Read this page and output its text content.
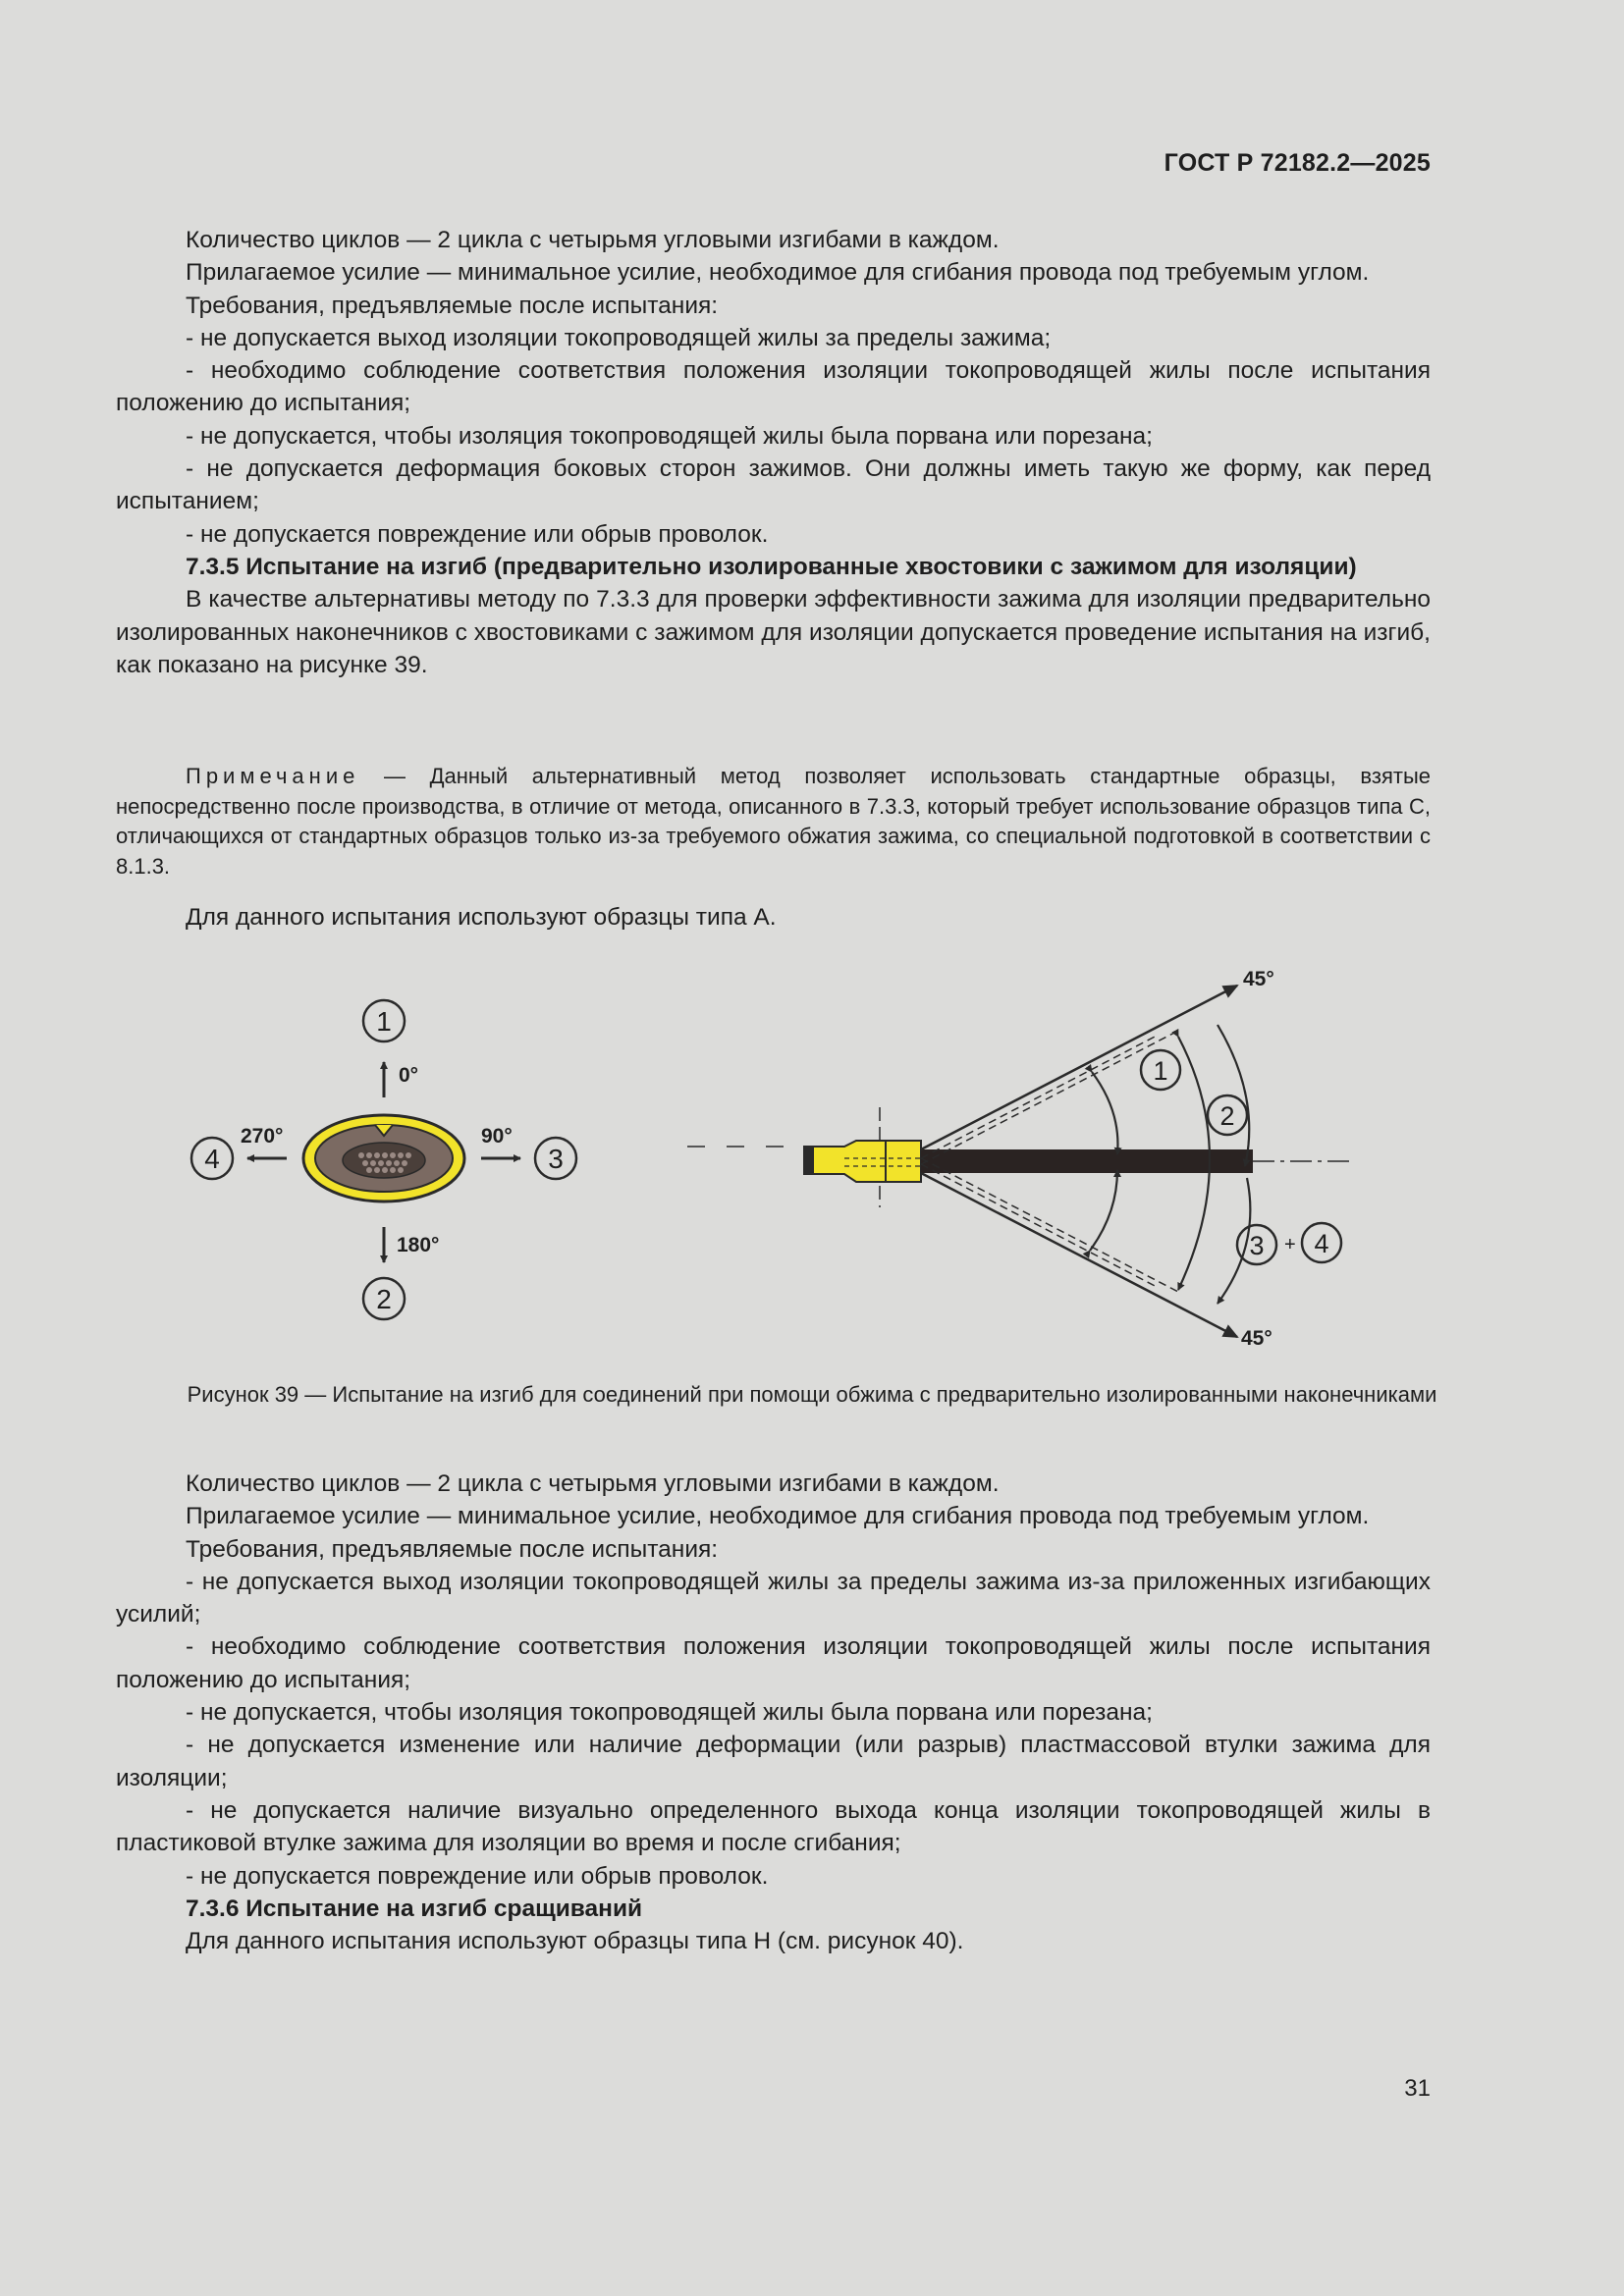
ГОСТ Р 72182.2—2025

Количество циклов — 2 цикла с четырьмя угловыми изгибами в каждом.

Прилагаемое усилие — минимальное усилие, необходимое для сгибания провода под требуемым углом.

Требования, предъявляемые после испытания:

- не допускается выход изоляции токопроводящей жилы за пределы зажима;

- необходимо соблюдение соответствия положения изоляции токопроводящей жилы после испытания положению до испытания;

- не допускается, чтобы изоляция токопроводящей жилы была порвана или порезана;

- не допускается деформация боковых сторон зажимов. Они должны иметь такую же форму, как перед испытанием;

- не допускается повреждение или обрыв проволок.

7.3.5 Испытание на изгиб (предварительно изолированные хвостовики с зажимом для изоляции)

В качестве альтернативы методу по 7.3.3 для проверки эффективности зажима для изоляции предварительно изолированных наконечников с хвостовиками с зажимом для изоляции допускается проведение испытания на изгиб, как показано на рисунке 39.

Примечание — Данный альтернативный метод позволяет использовать стандартные образцы, взятые непосредственно после производства, в отличие от метода, описанного в 7.3.3, который требует использование образцов типа С, отличающихся от стандартных образцов только из-за требуемого обжатия зажима, со специальной подготовкой в соответствии с 8.1.3.
Для данного испытания используют образцы типа А.
1
0°
2
180°
3
90°
4
270°
45°
45°
1
2
3 + 4
Рисунок 39 — Испытание на изгиб для соединений при помощи обжима с предварительно изолированными наконечниками

Количество циклов — 2 цикла с четырьмя угловыми изгибами в каждом.

Прилагаемое усилие — минимальное усилие, необходимое для сгибания провода под требуемым углом.

Требования, предъявляемые после испытания:

- не допускается выход изоляции токопроводящей жилы за пределы зажима из-за приложенных изгибающих усилий;

- необходимо соблюдение соответствия положения изоляции токопроводящей жилы после испытания положению до испытания;

- не допускается, чтобы изоляция токопроводящей жилы была порвана или порезана;

- не допускается изменение или наличие деформации (или разрыв) пластмассовой втулки зажима для изоляции;

- не допускается наличие визуально определенного выхода конца изоляции токопроводящей жилы в пластиковой втулке зажима для изоляции во время и после сгибания;

- не допускается повреждение или обрыв проволок.

7.3.6 Испытание на изгиб сращиваний

Для данного испытания используют образцы типа Н (см. рисунок 40).

31
